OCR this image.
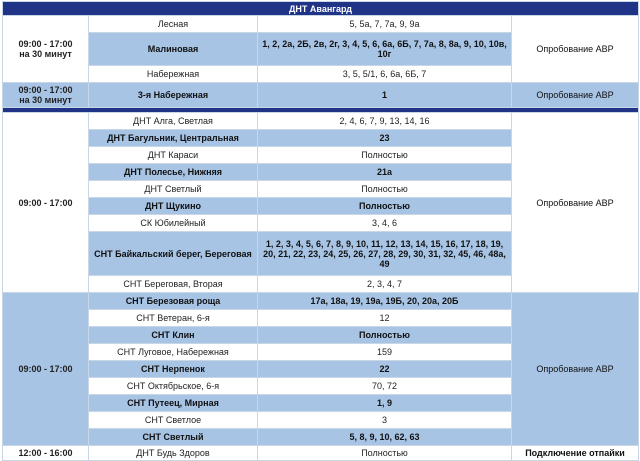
ДНТ Авангард			
09:00 - 17:00
на 30 минут	Лесная	5, 5а, 7, 7а, 9, 9а	Опробование АВР
	Малиновая	1, 2, 2а, 2Б, 2в, 2г, 3, 4, 5, 6, 6а, 6Б, 7, 7а, 8, 8а, 9, 10, 10в, 10г	
	Набережная	3, 5, 5/1, 6, 6а, 6Б, 7	
09:00 - 17:00
на 30 минут	3-я Набережная	1	Опробование АВР

09:00 - 17:00	ДНТ Алга, Светлая	2, 4, 6, 7, 9, 13, 14, 16	Опробование АВР
	ДНТ Багульник, Центральная	23	
	ДНТ Караси	Полностью	
	ДНТ Полесье, Нижняя	21а	
	ДНТ Светлый	Полностью	
	ДНТ Щукино	Полностью	
	СК Юбилейный	3, 4, 6	
	СНТ Байкальский берег, Береговая	1, 2, 3, 4, 5, 6, 7, 8, 9, 10, 11, 12, 13, 14, 15, 16, 17, 18, 19, 20, 21, 22, 23, 24, 25, 26, 27, 28, 29, 30, 31, 32, 45, 46, 48а, 49	
	СНТ Береговая, Вторая	2, 3, 4, 7	
09:00 - 17:00	СНТ Березовая роща	17а, 18а, 19, 19а, 19Б, 20, 20а, 20Б	Опробование АВР
	СНТ Ветеран, 6-я	12	
	СНТ Клин	Полностью	
	СНТ Луговое, Набережная	159	
	СНТ Нерпенок	22	
	СНТ Октябрьское, 6-я	70, 72	
	СНТ Путеец, Мирная	1, 9	
	СНТ Светлое	3	
	СНТ Светлый	5, 8, 9, 10, 62, 63	
12:00 - 16:00	ДНТ Будь Здоров	Полностью	Подключение отпайки
